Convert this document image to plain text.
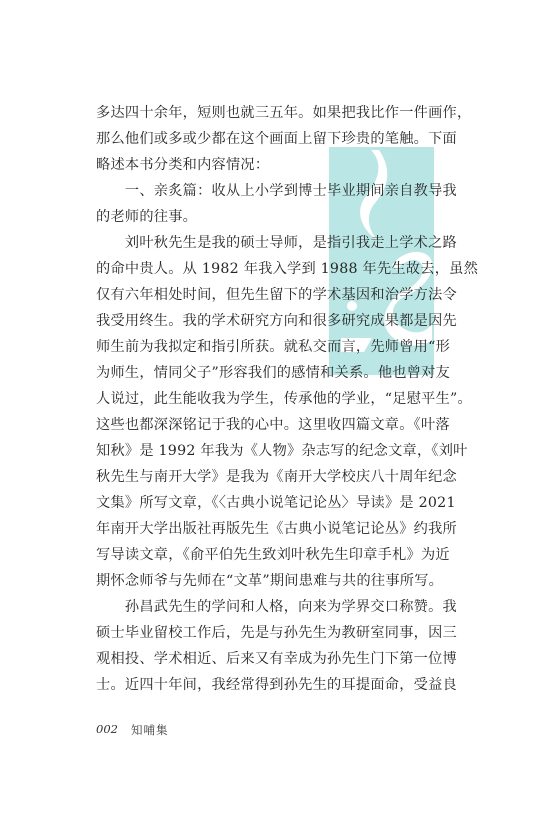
多达四十余年，短则也就三五年。如果把我比作一件画作，
那么他们或多或少都在这个画面上留下珍贵的笔触。下面
略述本书分类和内容情况：
　　一、亲炙篇：收从上小学到博士毕业期间亲自教导我
的老师的往事。
　　刘叶秋先生是我的硕士导师，是指引我走上学术之路
的命中贵人。从 1982 年我入学到 1988 年先生故去，虽然
仅有六年相处时间，但先生留下的学术基因和治学方法令
我受用终生。我的学术研究方向和很多研究成果都是因先
师生前为我拟定和指引所获。就私交而言，先师曾用“形
为师生，情同父子”形容我们的感情和关系。他也曾对友
人说过，此生能收我为学生，传承他的学业，“足慰平生”。
这些也都深深铭记于我的心中。这里收四篇文章。《叶落
知秋》是 1992 年我为《人物》杂志写的纪念文章，《刘叶
秋先生与南开大学》是我为《南开大学校庆八十周年纪念
文集》所写文章，《〈古典小说笔记论丛〉导读》是 2021
年南开大学出版社再版先生《古典小说笔记论丛》约我所
写导读文章，《俞平伯先生致刘叶秋先生印章手札》为近
期怀念师爷与先师在“文革”期间患难与共的往事所写。
　　孙昌武先生的学问和人格，向来为学界交口称赞。我
硕士毕业留校工作后，先是与孙先生为教研室同事，因三
观相投、学术相近、后来又有幸成为孙先生门下第一位博
士。近四十年间，我经常得到孙先生的耳提面命，受益良
002 知哺集
